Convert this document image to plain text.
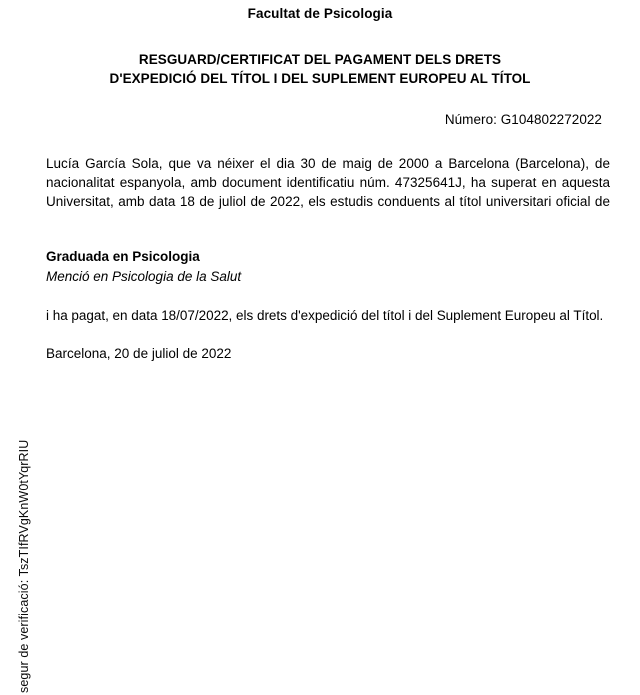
segur de verificació: TszTIfRVgKnW0tYqrRIU
Facultat de Psicologia
RESGUARD/CERTIFICAT DEL PAGAMENT DELS DRETS
D'EXPEDICIÓ DEL TÍTOL I DEL SUPLEMENT EUROPEU AL TÍTOL
Número: G104802272022
Lucía García Sola, que va néixer el dia 30 de maig de 2000 a Barcelona (Barcelona), de nacionalitat espanyola, amb document identificatiu núm. 47325641J, ha superat en aquesta Universitat, amb data 18 de juliol de 2022, els estudis conduents al títol universitari oficial de
Graduada en Psicologia
Menció en Psicologia de la Salut
i ha pagat, en data 18/07/2022, els drets d'expedició del títol i del Suplement Europeu al Títol.
Barcelona, 20 de juliol de 2022
